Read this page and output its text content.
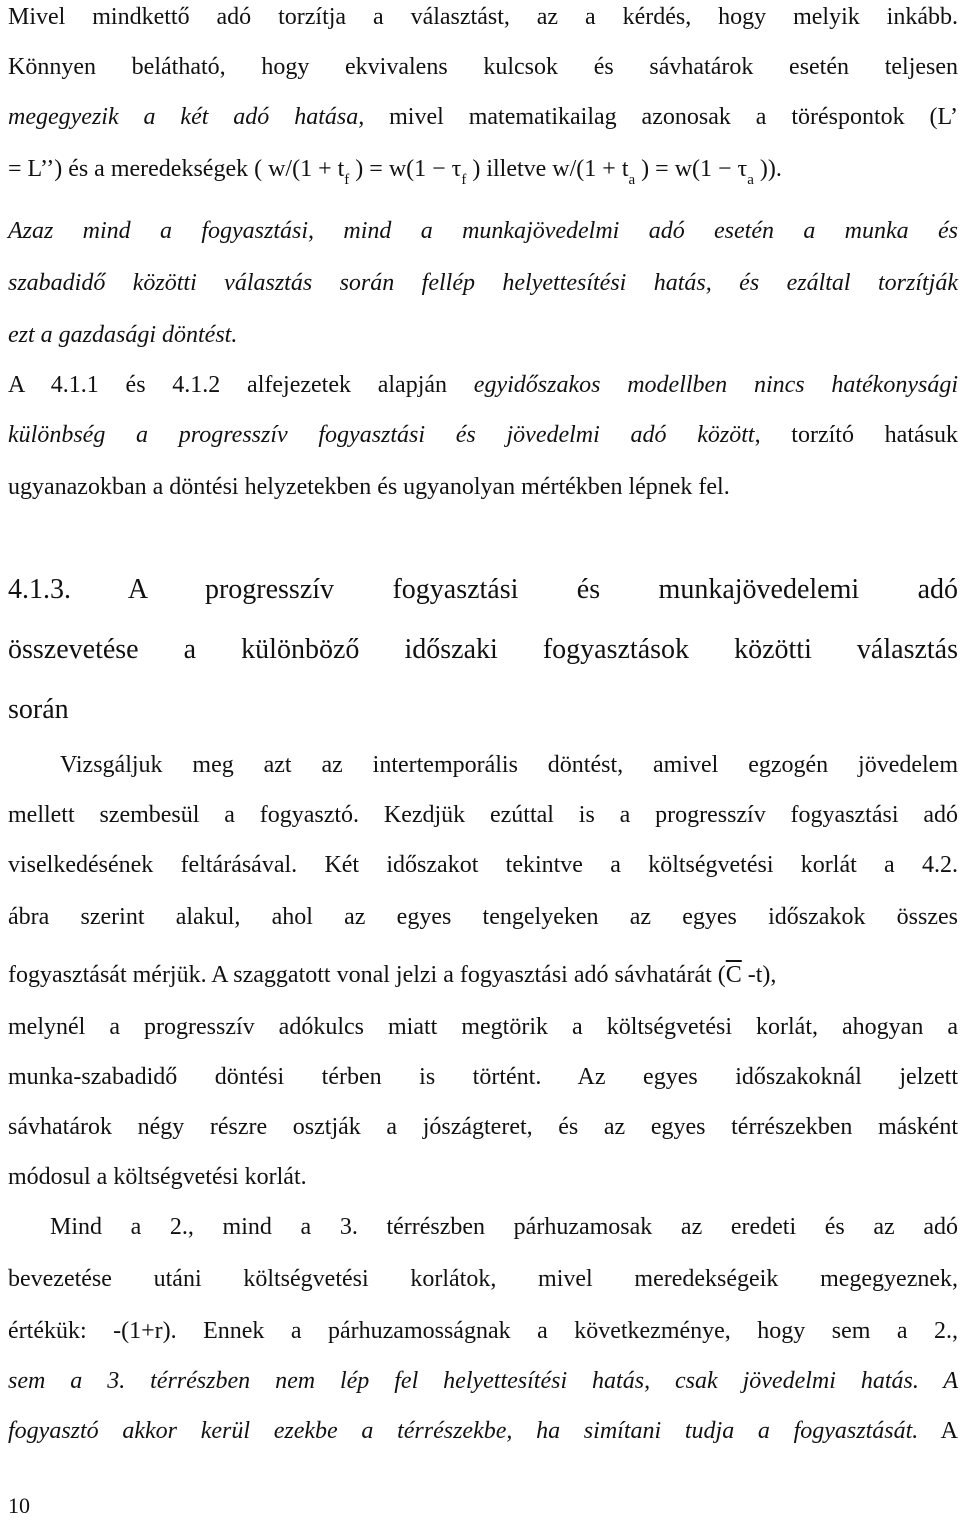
Mivel mindkettő adó torzítja a választást, az a kérdés, hogy melyik inkább.
Könnyen belátható, hogy ekvivalens kulcsok és sávhatárok esetén teljesen
megegyezik a két adó hatása, mivel matematikailag azonosak a töréspontok (L’
= L’’) és a meredekségek ( $w/(1 + t_f$ ) = $w(1 - \tau_f$ ) illetve $w/(1 + t_a$ ) = $w(1 - \tau_a$ )).
Azaz mind a fogyasztási, mind a munkajövedelmi adó esetén a munka és
szabadidő közötti választás során fellép helyettesítési hatás, és ezáltal torzítják
ezt a gazdasági döntést.
A 4.1.1 és 4.1.2 alfejezetek alapján egyidőszakos modellben nincs hatékonysági
különbség a progresszív fogyasztási és jövedelmi adó között, torzító hatásuk
ugyanazokban a döntési helyzetekben és ugyanolyan mértékben lépnek fel.
4.1.3. A progresszív fogyasztási és munkajövedelemi adó
összevetése a különböző időszaki fogyasztások közötti választás
során
Vizsgáljuk meg azt az intertemporális döntést, amivel egzogén jövedelem
mellett szembesül a fogyasztó. Kezdjük ezúttal is a progresszív fogyasztási adó
viselkedésének feltárásával. Két időszakot tekintve a költségvetési korlát a 4.2.
ábra szerint alakul, ahol az egyes tengelyeken az egyes időszakok összes
fogyasztását mérjük. A szaggatott vonal jelzi a fogyasztási adó sávhatárát ($\overline{C}$ -t),
melynél a progresszív adókulcs miatt megtörik a költségvetési korlát, ahogyan a
munka-szabadidő döntési térben is történt. Az egyes időszakoknál jelzett
sávhatárok négy részre osztják a jószágteret, és az egyes térrészekben másként
módosul a költségvetési korlát.
Mind a 2., mind a 3. térrészben párhuzamosak az eredeti és az adó
bevezetése utáni költségvetési korlátok, mivel meredekségeik megegyeznek,
értékük: -(1+r). Ennek a párhuzamosságnak a következménye, hogy sem a 2.,
sem a 3. térrészben nem lép fel helyettesítési hatás, csak jövedelmi hatás. A
fogyasztó akkor kerül ezekbe a térrészekbe, ha simítani tudja a fogyasztását. A
10
